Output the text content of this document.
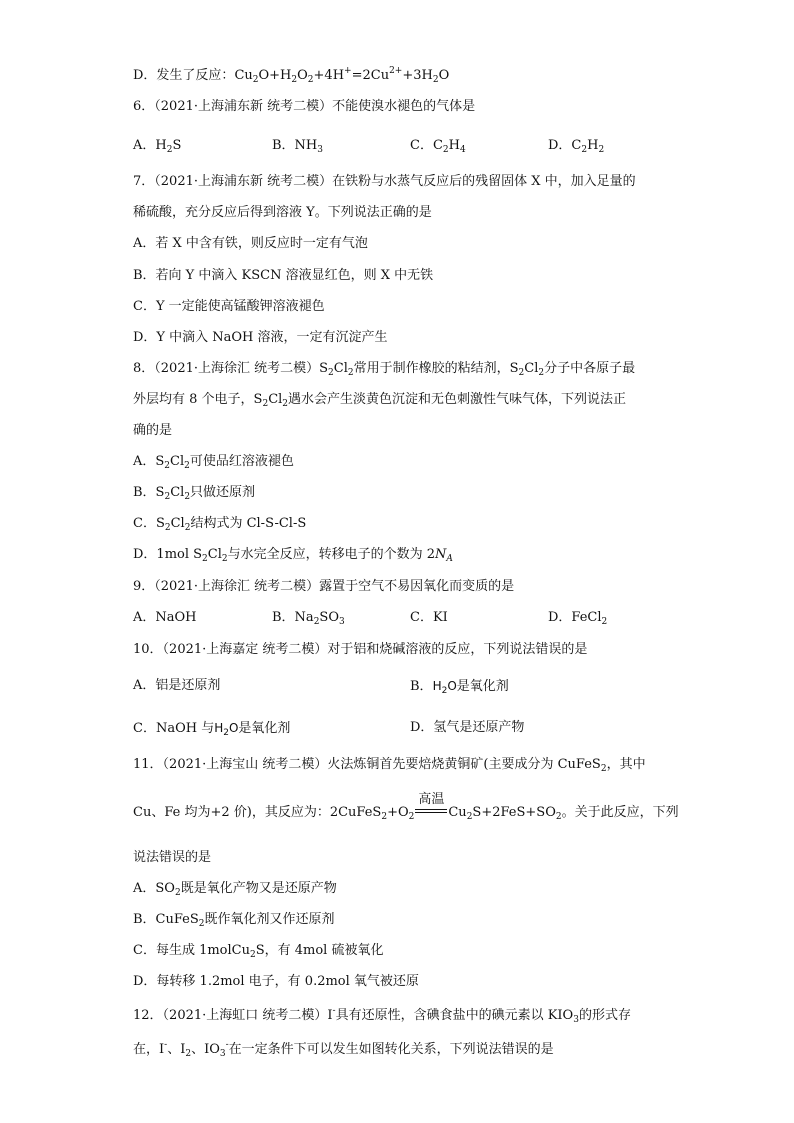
D．发生了反应：$Cu_2O+H_2O_2+4H^+=2Cu^{2+}+3H_2O$
6．（2021·上海浦东新 统考二模）不能使溴水褪色的气体是
A．$H_2S$	B．$NH_3$	C．$C_2H_4$	D．$C_2H_2$
7．（2021·上海浦东新 统考二模）在铁粉与水蒸气反应后的残留固体 X 中，加入足量的
稀硫酸，充分反应后得到溶液 Y。下列说法正确的是
A．若 X 中含有铁，则反应时一定有气泡
B．若向 Y 中滴入 KSCN 溶液显红色，则 X 中无铁
C．Y 一定能使高锰酸钾溶液褪色
D．Y 中滴入 NaOH 溶液，一定有沉淀产生
8．（2021·上海徐汇 统考二模）$S_2Cl_2$常用于制作橡胶的粘结剂，$S_2Cl_2$分子中各原子最
外层均有 8 个电子，$S_2Cl_2$遇水会产生淡黄色沉淀和无色刺激性气味气体，下列说法正
确的是
A．$S_2Cl_2$可使品红溶液褪色
B．$S_2Cl_2$只做还原剂
C．$S_2Cl_2$结构式为 Cl-S-Cl-S
D．1mol $S_2Cl_2$与水完全反应，转移电子的个数为 $2N_A$
9．（2021·上海徐汇 统考二模）露置于空气不易因氧化而变质的是
A．NaOH	B．$Na_2SO_3$	C．KI	D．FeCl$_2$
10．（2021·上海嘉定 统考二模）对于铝和烧碱溶液的反应，下列说法错误的是
A．铝是还原剂	B．$H_2O$是氧化剂
C．NaOH 与$H_2O$是氧化剂	D．氢气是还原产物
11．（2021·上海宝山 统考二模）火法炼铜首先要焙烧黄铜矿(主要成分为 CuFeS$_2$，其中
Cu、Fe 均为+2 价)，其反应为：$2CuFeS_2+O_2$
高温
$Cu_2S+2FeS+SO_2$。关于此反应，下列
说法错误的是
A．$SO_2$既是氧化产物又是还原产物
B．CuFeS$_2$既作氧化剂又作还原剂
C．每生成 1molCu$_2$S，有 4mol 硫被氧化
D．每转移 1.2mol 电子，有 0.2mol 氧气被还原
12．（2021·上海虹口 统考二模）I-具有还原性，含碘食盐中的碘元素以 $KIO_3$的形式存
在，I-、$I_2$、$IO_3^-$在一定条件下可以发生如图转化关系，下列说法错误的是
